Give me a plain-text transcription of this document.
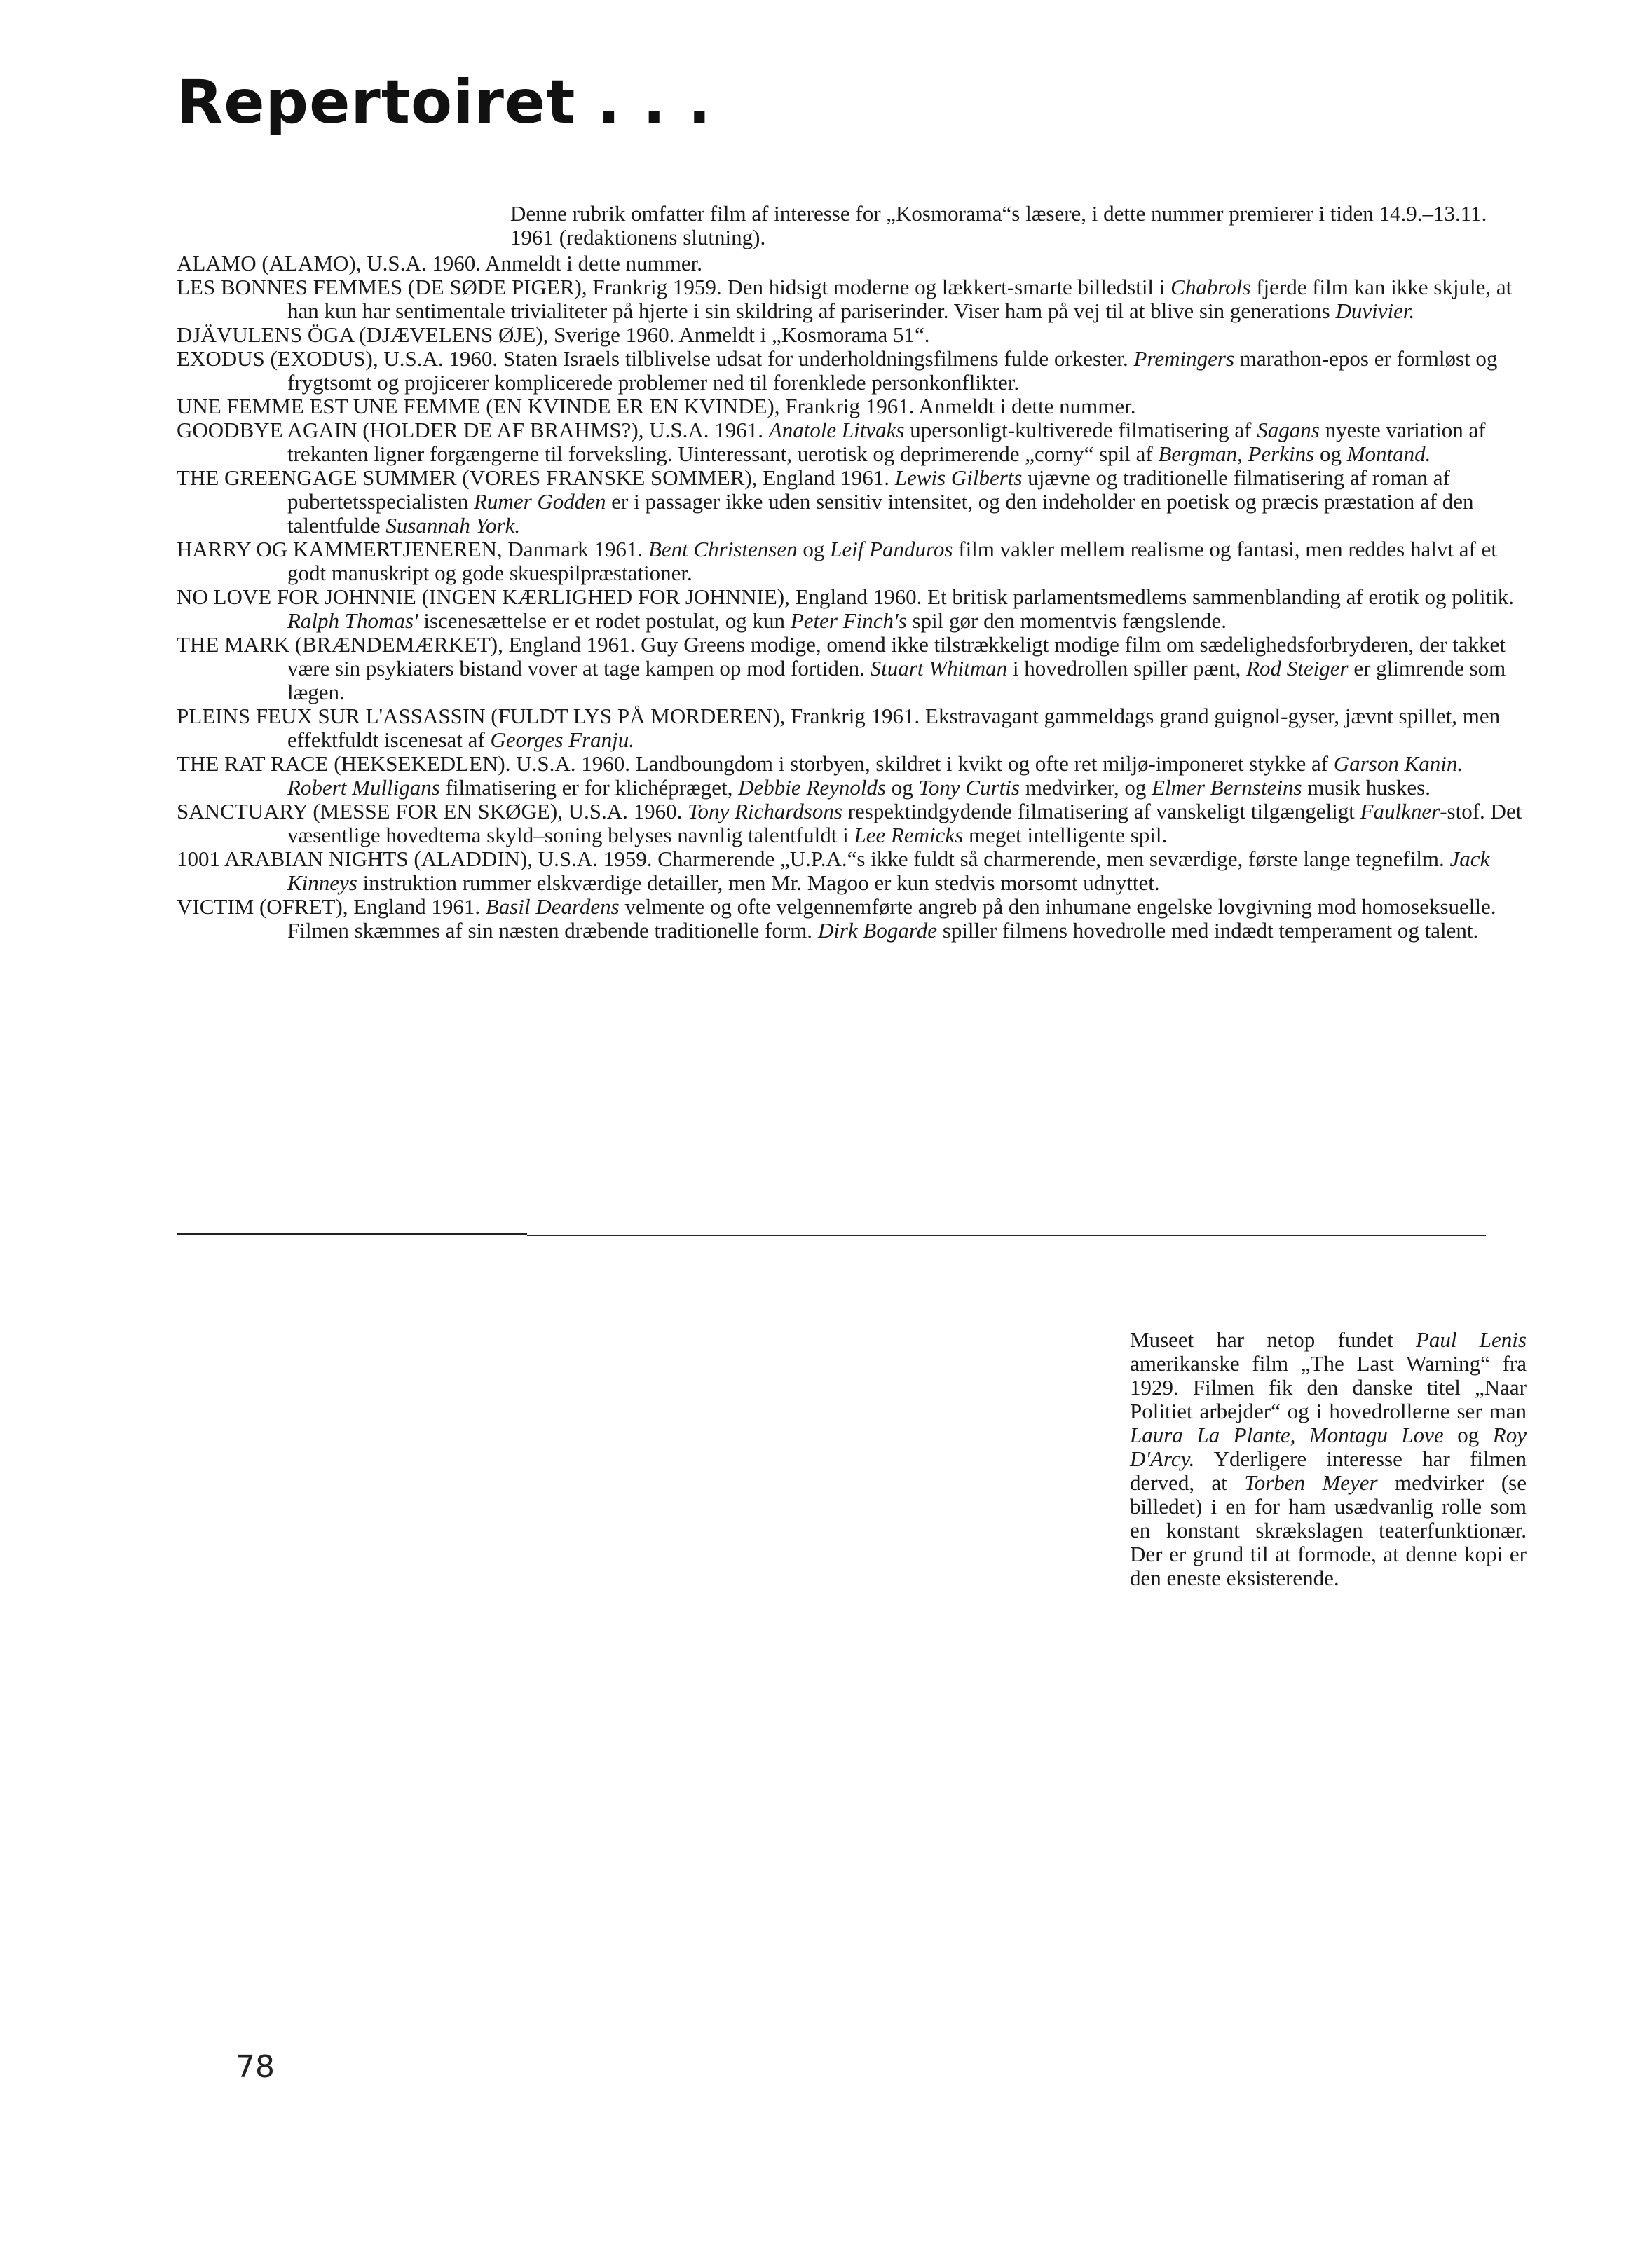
Repertoiret . . .

Denne rubrik omfatter film af interesse for „Kosmorama“s læsere, i dette nummer premierer i tiden 14.9.–13.11. 1961 (redaktionens slutning).

ALAMO (ALAMO), U.S.A. 1960. Anmeldt i dette nummer.

LES BONNES FEMMES (DE SØDE PIGER), Frankrig 1959. Den hidsigt moderne og lækkert-smarte billedstil i Chabrols fjerde film kan ikke skjule, at han kun har sentimentale trivialiteter på hjerte i sin skildring af pariserinder. Viser ham på vej til at blive sin generations Duvivier.

DJÄVULENS ÖGA (DJÆVELENS ØJE), Sverige 1960. Anmeldt i „Kosmorama 51“.

EXODUS (EXODUS), U.S.A. 1960. Staten Israels tilblivelse udsat for underholdningsfilmens fulde orkester. Premingers marathon-epos er formløst og frygtsomt og projicerer komplicerede problemer ned til forenklede personkonflikter.

UNE FEMME EST UNE FEMME (EN KVINDE ER EN KVINDE), Frankrig 1961. Anmeldt i dette nummer.

GOODBYE AGAIN (HOLDER DE AF BRAHMS?), U.S.A. 1961. Anatole Litvaks upersonligt-kultiverede filmatisering af Sagans nyeste variation af trekanten ligner forgængerne til forveksling. Uinteressant, uerotisk og deprimerende „corny“ spil af Bergman, Perkins og Montand.

THE GREENGAGE SUMMER (VORES FRANSKE SOMMER), England 1961. Lewis Gilberts ujævne og traditionelle filmatisering af roman af pubertetsspecialisten Rumer Godden er i passager ikke uden sensitiv intensitet, og den indeholder en poetisk og præcis præstation af den talentfulde Susannah York.

HARRY OG KAMMERTJENEREN, Danmark 1961. Bent Christensen og Leif Panduros film vakler mellem realisme og fantasi, men reddes halvt af et godt manuskript og gode skuespilpræstationer.

NO LOVE FOR JOHNNIE (INGEN KÆRLIGHED FOR JOHNNIE), England 1960. Et britisk parlamentsmedlems sammenblanding af erotik og politik. Ralph Thomas' iscenesættelse er et rodet postulat, og kun Peter Finch's spil gør den momentvis fængslende.

THE MARK (BRÆNDEMÆRKET), England 1961. Guy Greens modige, omend ikke tilstrækkeligt modige film om sædelighedsforbryderen, der takket være sin psykiaters bistand vover at tage kampen op mod fortiden. Stuart Whitman i hovedrollen spiller pænt, Rod Steiger er glimrende som lægen.

PLEINS FEUX SUR L'ASSASSIN (FULDT LYS PÅ MORDEREN), Frankrig 1961. Ekstravagant gammeldags grand guignol-gyser, jævnt spillet, men effektfuldt iscenesat af Georges Franju.

THE RAT RACE (HEKSEKEDLEN). U.S.A. 1960. Landboungdom i storbyen, skildret i kvikt og ofte ret miljø-imponeret stykke af Garson Kanin. Robert Mulligans filmatisering er for klichépræget, Debbie Reynolds og Tony Curtis medvirker, og Elmer Bernsteins musik huskes.

SANCTUARY (MESSE FOR EN SKØGE), U.S.A. 1960. Tony Richardsons respektindgydende filmatisering af vanskeligt tilgængeligt Faulkner-stof. Det væsentlige hovedtema skyld–soning belyses navnlig talentfuldt i Lee Remicks meget intelligente spil.

1001 ARABIAN NIGHTS (ALADDIN), U.S.A. 1959. Charmerende „U.P.A.“s ikke fuldt så charmerende, men seværdige, første lange tegnefilm. Jack Kinneys instruktion rummer elskværdige detailler, men Mr. Magoo er kun stedvis morsomt udnyttet.

VICTIM (OFRET), England 1961. Basil Deardens velmente og ofte velgennemførte angreb på den inhumane engelske lovgivning mod homoseksuelle. Filmen skæmmes af sin næsten dræbende traditionelle form. Dirk Bogarde spiller filmens hovedrolle med indædt temperament og talent.

Museet har netop fundet Paul Lenis amerikanske film „The Last Warning“ fra 1929. Filmen fik den danske titel „Naar Politiet arbejder“ og i hovedrollerne ser man Laura La Plante, Montagu Love og Roy D'Arcy. Yderligere interesse har filmen derved, at Torben Meyer medvirker (se billedet) i en for ham usædvanlig rolle som en konstant skrækslagen teaterfunktionær. Der er grund til at formode, at denne kopi er den eneste eksisterende.

78
